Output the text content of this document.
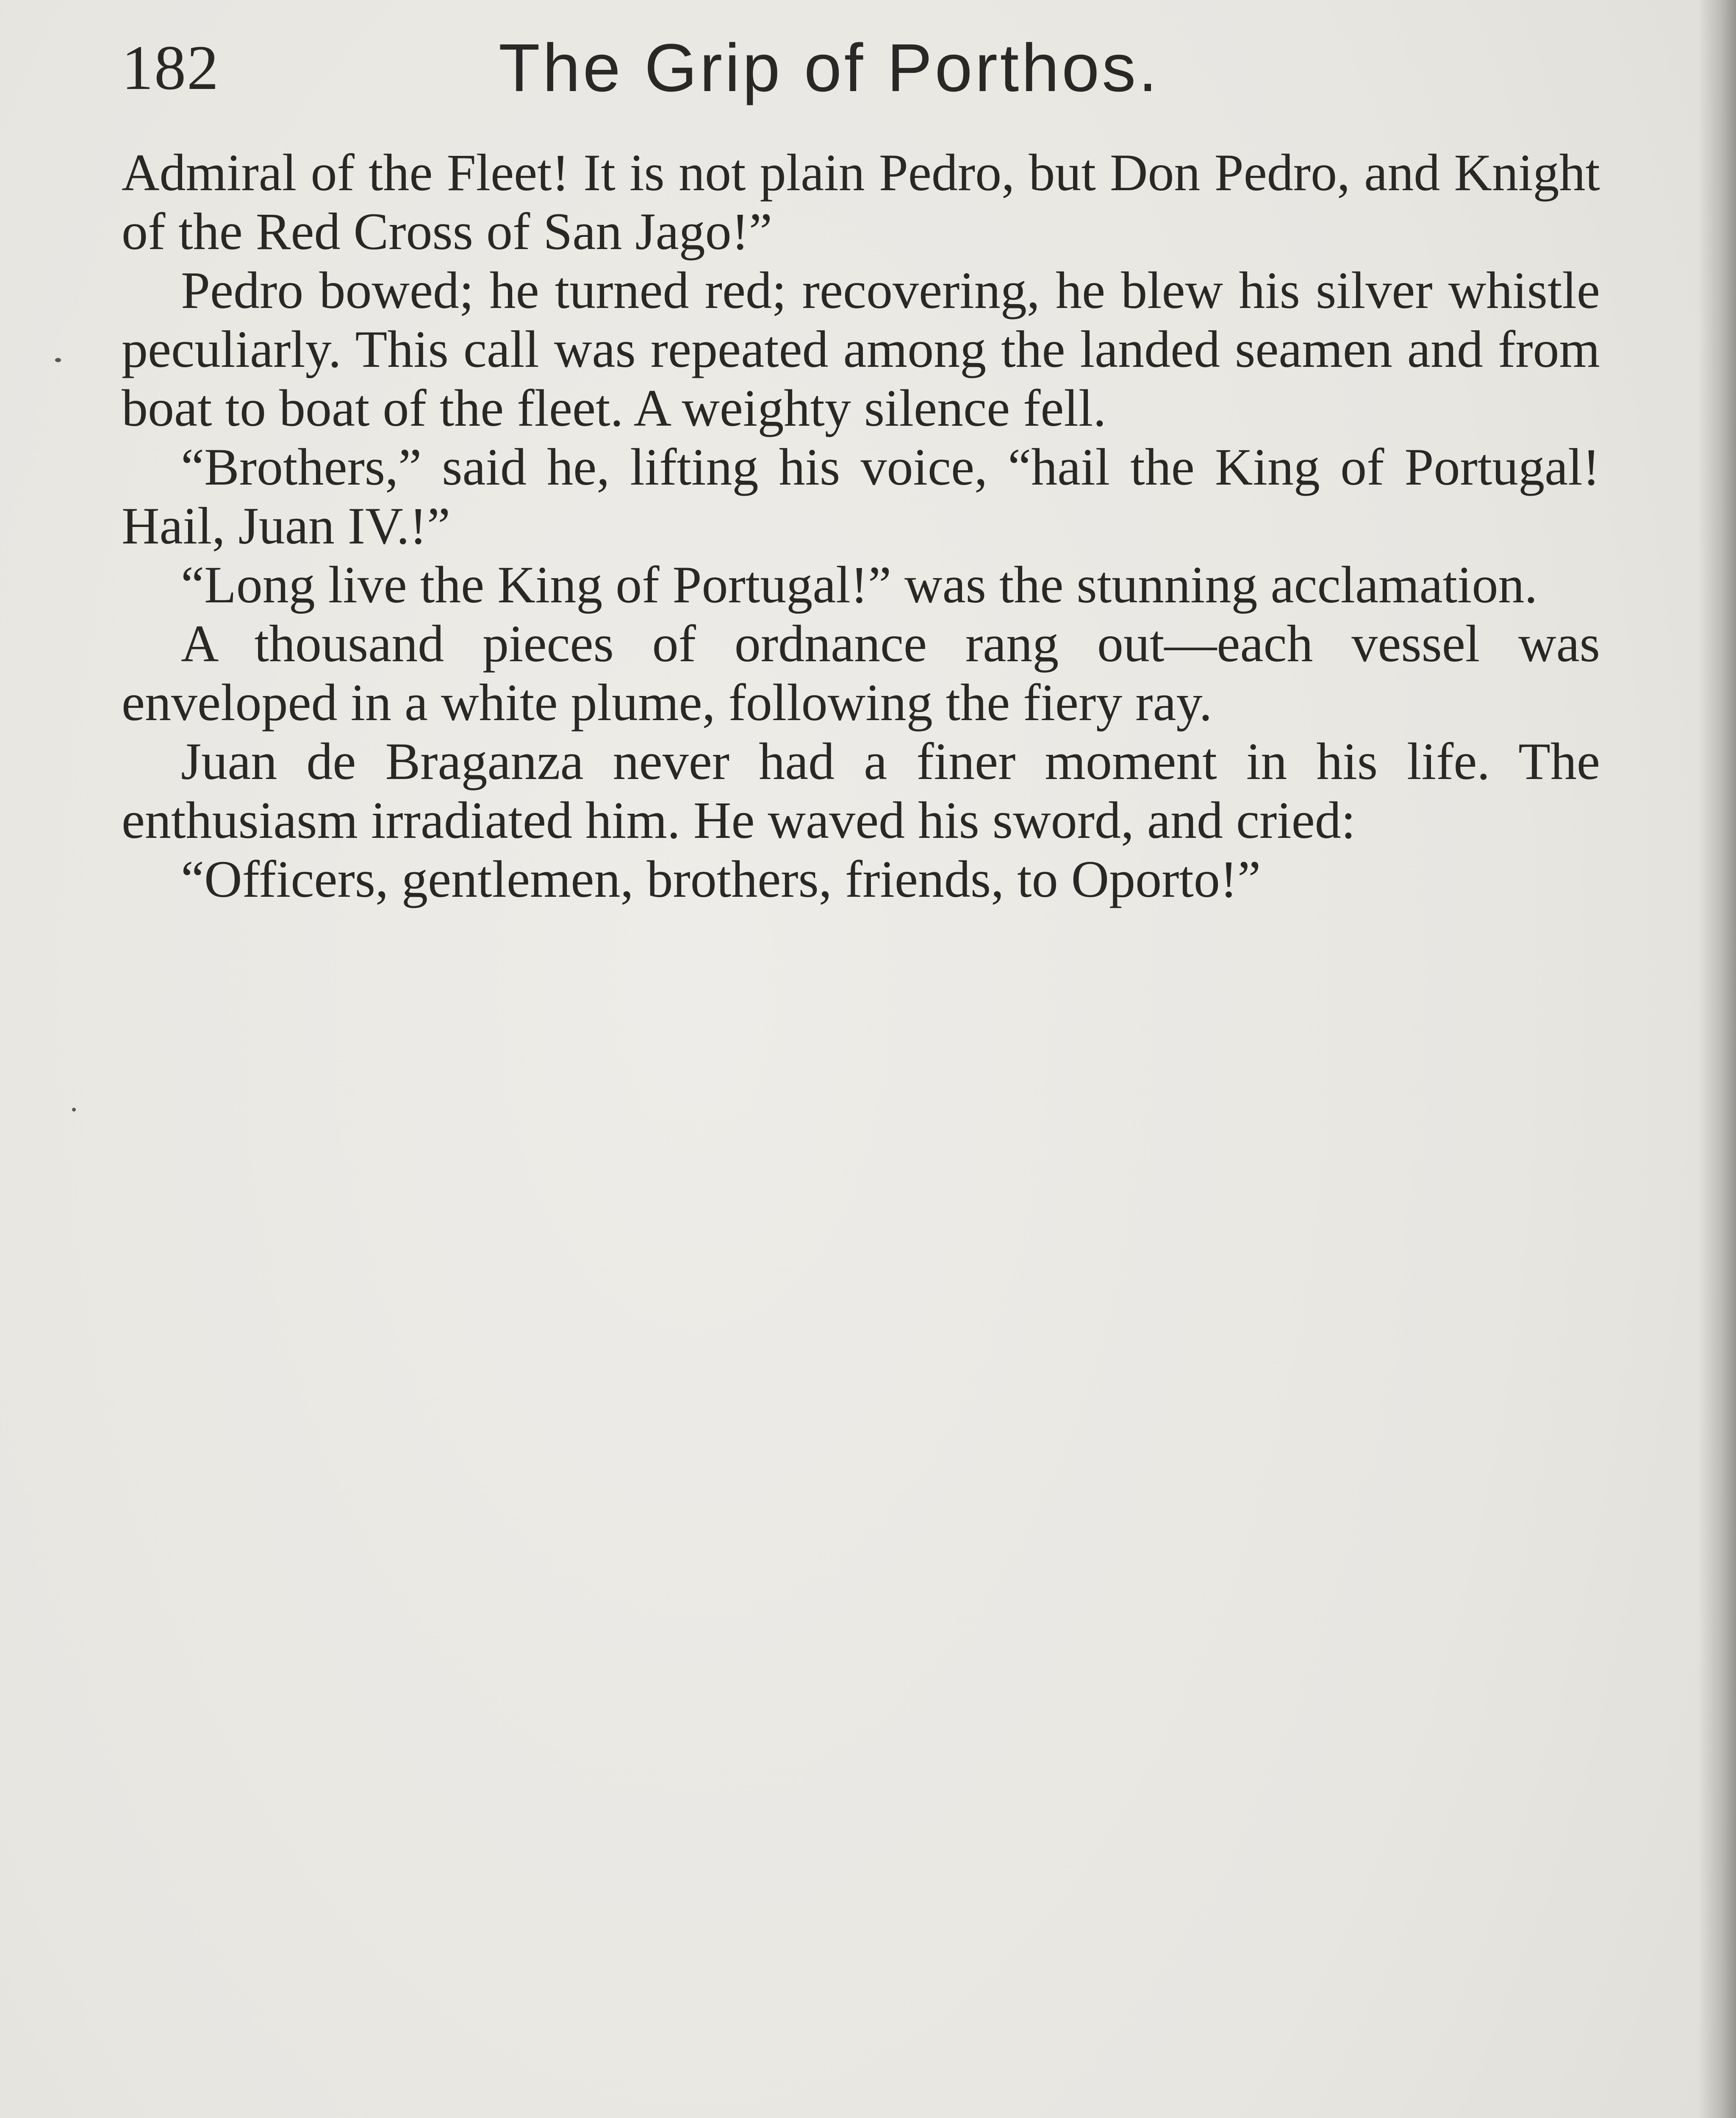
182	The Grip of Porthos.

Admiral of the Fleet! It is not plain Pedro, but Don Pedro, and Knight of the Red Cross of San Jago!”

Pedro bowed; he turned red; recovering, he blew his silver whistle peculiarly. This call was repeated among the landed seamen and from boat to boat of the fleet. A weighty silence fell.

“Brothers,” said he, lifting his voice, “hail the King of Portugal! Hail, Juan IV.!”

“Long live the King of Portugal!” was the stunning acclamation.

A thousand pieces of ordnance rang out—each vessel was enveloped in a white plume, following the fiery ray.

Juan de Braganza never had a finer moment in his life. The enthusiasm irradiated him. He waved his sword, and cried:

“Officers, gentlemen, brothers, friends, to Oporto!”
